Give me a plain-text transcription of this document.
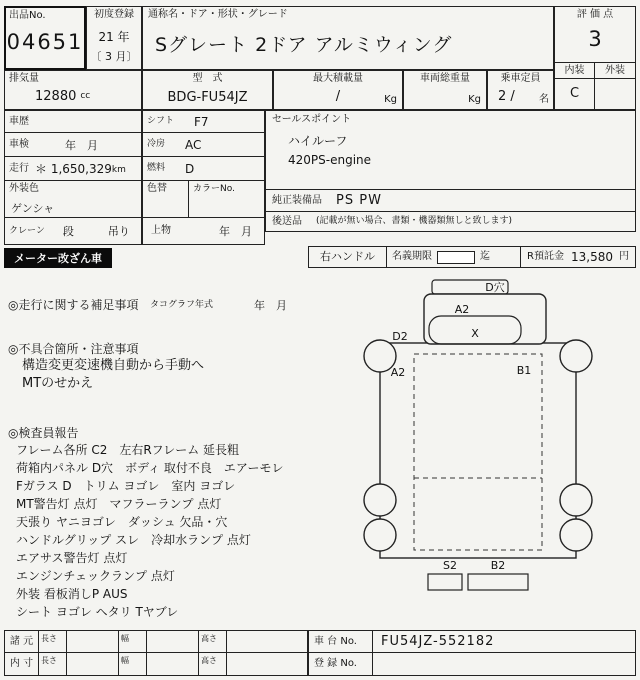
出品No.
04651
初度登録
21 年
〔 3 月〕
通称名・ドア・形状・グレード
Sグレート 2ドア アルミウィング
評 価 点
3
内装	外装
C
排気量
12880 cc
型　式
BDG-FU54JZ
最大積載量
/	Kg
車両総重量
Kg
乗車定員
2 /	名
車歴
車検	年　月
走行 ＊ 1,650,329 km
外装色
ゲンシャ
クレーン 段	吊り
シフト F7
冷房 AC
燃料 D
色替	カラーNo.
上物	年　月
セールスポイント
ハイルーフ
420PS-engine
純正装備品 PS PW
後送品 (記載が無い場合、書類・機器類無しと致します)
メーター改ざん車	右ハンドル	名義期限	迄	R預託金 13,580 円
◎走行に関する補足事項 タコグラフ年式	年　月
◎不具合箇所・注意事項
構造変更変速機自動から手動へ
MTのせかえ
◎検査員報告
フレーム各所 C2　左右Rフレーム 延長粗
荷箱内パネル D穴　ボディ 取付不良　エアーモレ
Fガラス D　トリム ヨゴレ　室内 ヨゴレ
MT警告灯 点灯　マフラーランプ 点灯
天張り ヤニヨゴレ　ダッシュ 欠品・穴
ハンドルグリップ スレ　冷却水ランプ 点灯
エアサス警告灯 点灯
エンジンチェックランプ 点灯
外装 看板消しP AUS
シート ヨゴレ ヘタリ Tヤブレ
D穴
A2
X
D2
A2	B1
S2	B2
諸 元 長さ	幅	高さ
内 寸 長さ	幅	高さ
車 台 No.	FU54JZ-552182
登 録 No.
